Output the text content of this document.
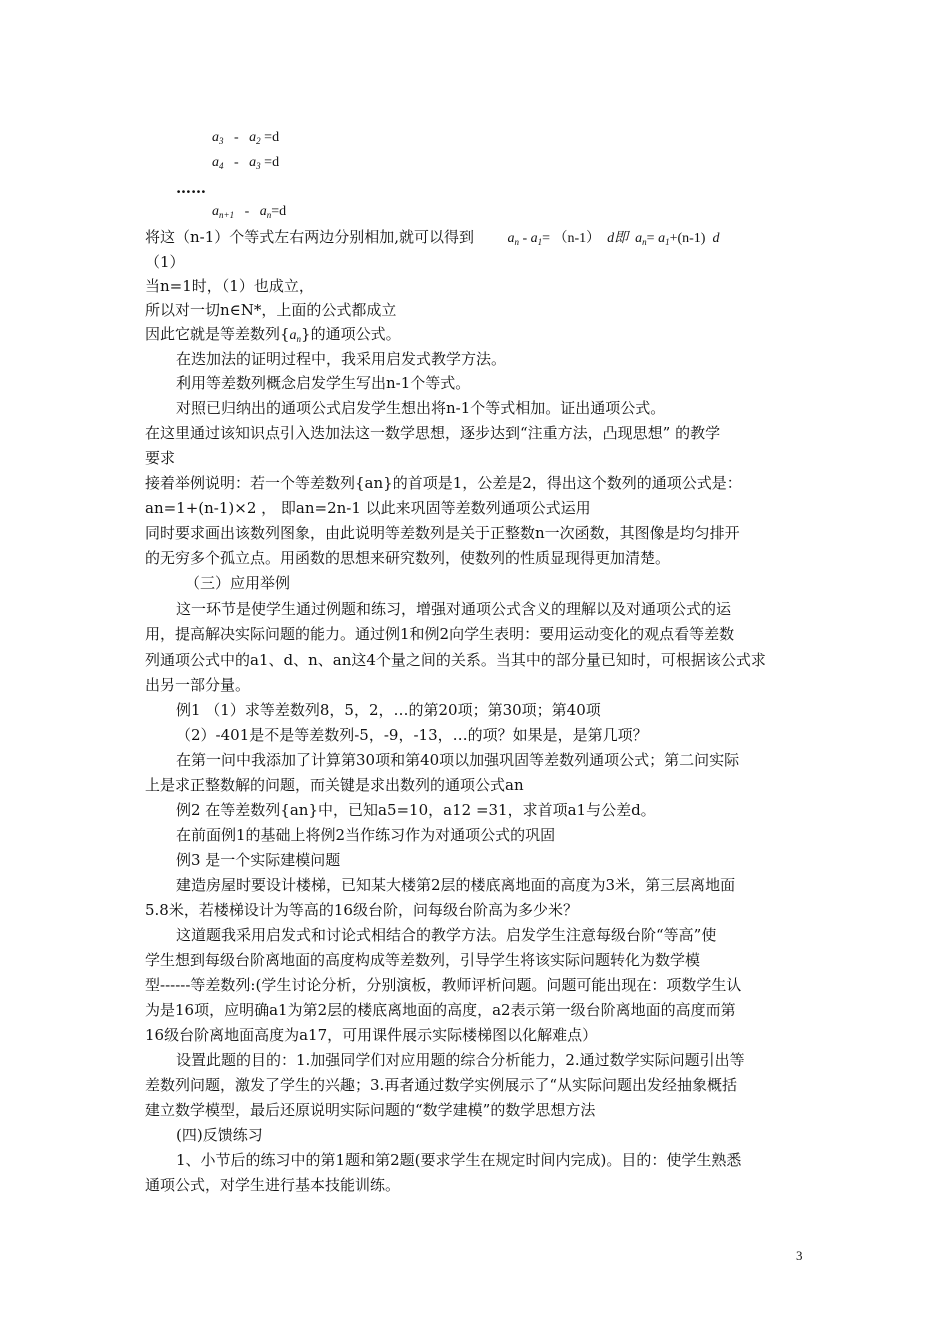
$a_3 - a_2 =d$
$a_4 - a_3 =d$
……
$a_{n+1} - a_n=d$
将这（n-1）个等式左右两边分别相加,就可以得到 $a_n - a_1= (n-1)$ d即 $a_n= a_1+(n-1)$ d
（1）
当n=1时，（1）也成立，
所以对一切n∈N*，上面的公式都成立
因此它就是等差数列$\{a_n\}$的通项公式。
在迭加法的证明过程中，我采用启发式教学方法。
利用等差数列概念启发学生写出n-1个等式。
对照已归纳出的通项公式启发学生想出将n-1个等式相加。证出通项公式。
在这里通过该知识点引入迭加法这一数学思想，逐步达到“注重方法，凸现思想” 的教学
要求
接着举例说明：若一个等差数列{an}的首项是1，公差是2，得出这个数列的通项公式是：
an=1+(n-1)×2 ， 即an=2n-1 以此来巩固等差数列通项公式运用
同时要求画出该数列图象，由此说明等差数列是关于正整数n一次函数，其图像是均匀排开
的无穷多个孤立点。用函数的思想来研究数列，使数列的性质显现得更加清楚。
（三）应用举例
这一环节是使学生通过例题和练习，增强对通项公式含义的理解以及对通项公式的运
用，提高解决实际问题的能力。通过例1和例2向学生表明：要用运动变化的观点看等差数
列通项公式中的a1、d、n、an这4个量之间的关系。当其中的部分量已知时，可根据该公式求
出另一部分量。
例1 （1）求等差数列8，5，2，…的第20项；第30项；第40项
（2）-401是不是等差数列-5，-9，-13，…的项？如果是，是第几项？
在第一问中我添加了计算第30项和第40项以加强巩固等差数列通项公式；第二问实际
上是求正整数解的问题，而关键是求出数列的通项公式an
例2 在等差数列{an}中，已知a5=10，a12 =31，求首项a1与公差d。
在前面例1的基础上将例2当作练习作为对通项公式的巩固
例3 是一个实际建模问题
建造房屋时要设计楼梯，已知某大楼第2层的楼底离地面的高度为3米，第三层离地面
5.8米，若楼梯设计为等高的16级台阶，问每级台阶高为多少米？
这道题我采用启发式和讨论式相结合的教学方法。启发学生注意每级台阶“等高”使
学生想到每级台阶离地面的高度构成等差数列，引导学生将该实际问题转化为数学模
型------等差数列:(学生讨论分析，分别演板，教师评析问题。问题可能出现在：项数学生认
为是16项，应明确a1为第2层的楼底离地面的高度，a2表示第一级台阶离地面的高度而第
16级台阶离地面高度为a17，可用课件展示实际楼梯图以化解难点）
设置此题的目的：1.加强同学们对应用题的综合分析能力，2.通过数学实际问题引出等
差数列问题，激发了学生的兴趣；3.再者通过数学实例展示了“从实际问题出发经抽象概括
建立数学模型，最后还原说明实际问题的“数学建模”的数学思想方法
(四)反馈练习
1、小节后的练习中的第1题和第2题(要求学生在规定时间内完成)。目的：使学生熟悉
通项公式，对学生进行基本技能训练。
3
